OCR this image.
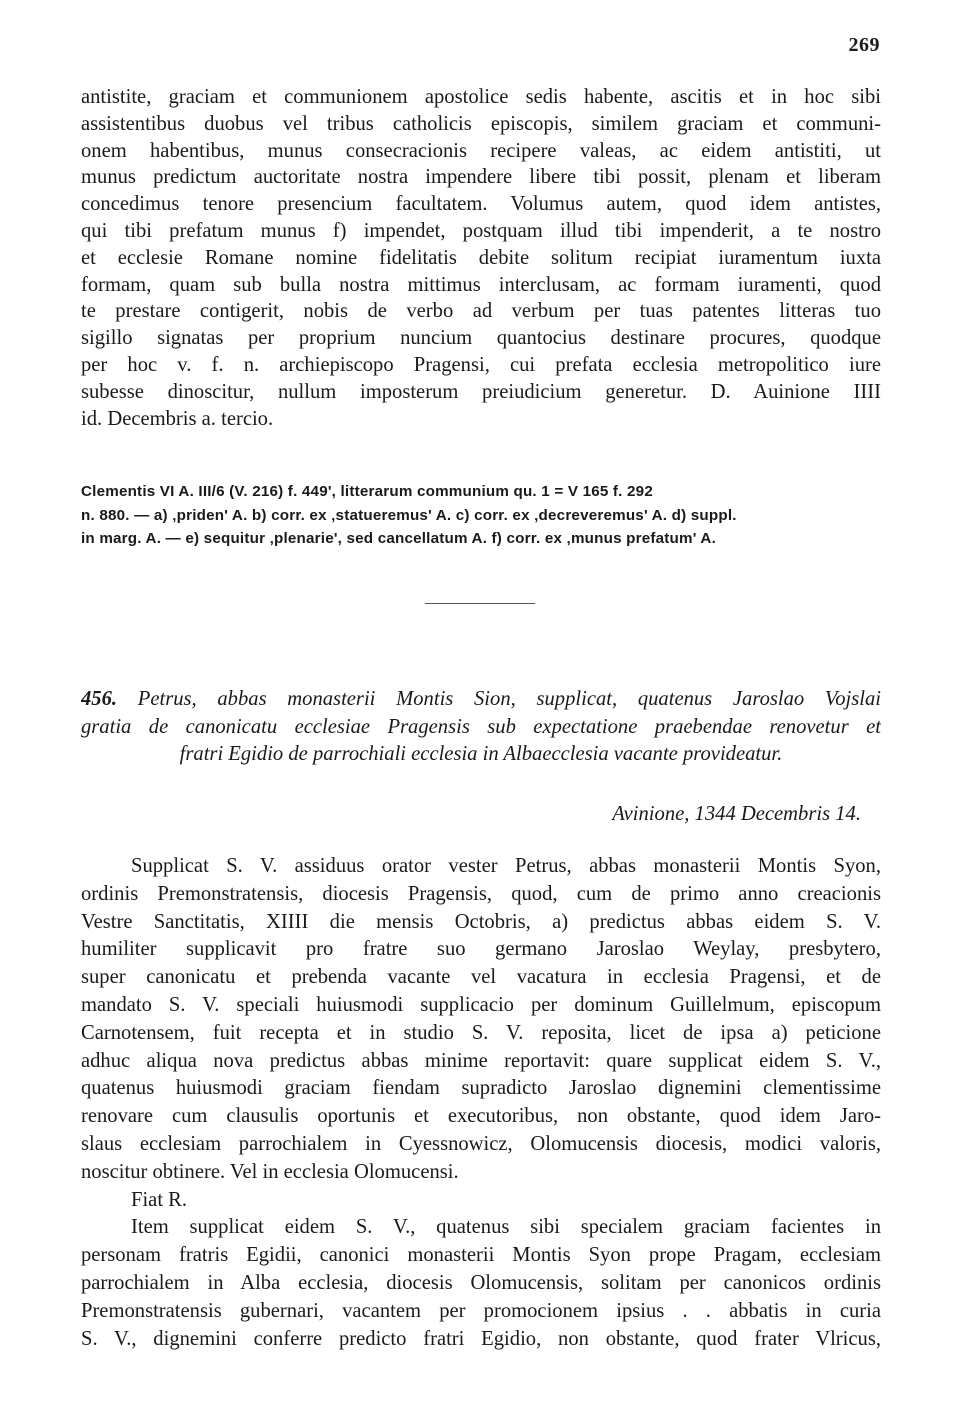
269
antistite, graciam et communionem apostolice sedis habente, ascitis et in hoc sibi
assistentibus duobus vel tribus catholicis episcopis, similem graciam et communi-
onem habentibus, munus consecracionis recipere valeas, ac eidem antistiti, ut
munus predictum auctoritate nostra impendere libere tibi possit, plenam et liberam
concedimus tenore presencium facultatem. Volumus autem, quod idem antistes,
qui tibi prefatum munus f) impendet, postquam illud tibi impenderit, a te nostro
et ecclesie Romane nomine fidelitatis debite solitum recipiat iuramentum iuxta
formam, quam sub bulla nostra mittimus interclusam, ac formam iuramenti, quod
te prestare contigerit, nobis de verbo ad verbum per tuas patentes litteras tuo
sigillo signatas per proprium nuncium quantocius destinare procures, quodque
per hoc v. f. n. archiepiscopo Pragensi, cui prefata ecclesia metropolitico iure
subesse dinoscitur, nullum imposterum preiudicium generetur. D. Auinione IIII
id. Decembris a. tercio.
Clementis VI A. III/6 (V. 216) f. 449', litterarum communium qu. 1 = V 165 f. 292
n. 880. — a) ‚priden' A. b) corr. ex ‚statueremus' A. c) corr. ex ‚decreveremus' A. d) suppl.
in marg. A. — e) sequitur ‚plenarie', sed cancellatum A. f) corr. ex ‚munus prefatum' A.
456. Petrus, abbas monasterii Montis Sion, supplicat, quatenus Jaroslao Vojslai
gratia de canonicatu ecclesiae Pragensis sub expectatione praebendae renovetur et
fratri Egidio de parrochiali ecclesia in Albaecclesia vacante provideatur.
Avinione, 1344 Decembris 14.
Supplicat S. V. assiduus orator vester Petrus, abbas monasterii Montis Syon,
ordinis Premonstratensis, diocesis Pragensis, quod, cum de primo anno creacionis
Vestre Sanctitatis, XIIII die mensis Octobris, a) predictus abbas eidem S. V.
humiliter supplicavit pro fratre suo germano Jaroslao Weylay, presbytero,
super canonicatu et prebenda vacante vel vacatura in ecclesia Pragensi, et de
mandato S. V. speciali huiusmodi supplicacio per dominum Guillelmum, episcopum
Carnotensem, fuit recepta et in studio S. V. reposita, licet de ipsa a) peticione
adhuc aliqua nova predictus abbas minime reportavit: quare supplicat eidem S. V.,
quatenus huiusmodi graciam fiendam supradicto Jaroslao dignemini clementissime
renovare cum clausulis oportunis et executoribus, non obstante, quod idem Jaro-
slaus ecclesiam parrochialem in Cyessnowicz, Olomucensis diocesis, modici valoris,
noscitur obtinere. Vel in ecclesia Olomucensi.
Fiat R.
Item supplicat eidem S. V., quatenus sibi specialem graciam facientes in
personam fratris Egidii, canonici monasterii Montis Syon prope Pragam, ecclesiam
parrochialem in Alba ecclesia, diocesis Olomucensis, solitam per canonicos ordinis
Premonstratensis gubernari, vacantem per promocionem ipsius . . abbatis in curia
S. V., dignemini conferre predicto fratri Egidio, non obstante, quod frater Vlricus,
